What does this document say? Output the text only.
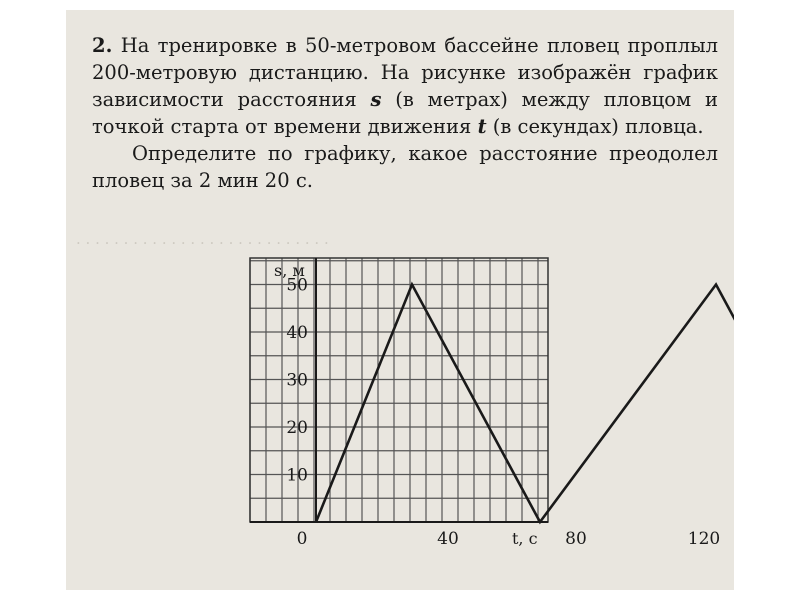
· · · · · · · · · · · · · · · · · · · · · · · · · · ·

2. На тренировке в 50-метровом бассейне пловец проплыл 200-метровую дистанцию. На рисунке изображён график зависимости расстояния s (в метрах) между пловцом и точкой старта от времени движения t (в секундах) пловца.

Определите по графику, какое расстояние преодолел пловец за 2 мин 20 с.

10
20
30
40
50
0	40	80	120
s, м
t, с
